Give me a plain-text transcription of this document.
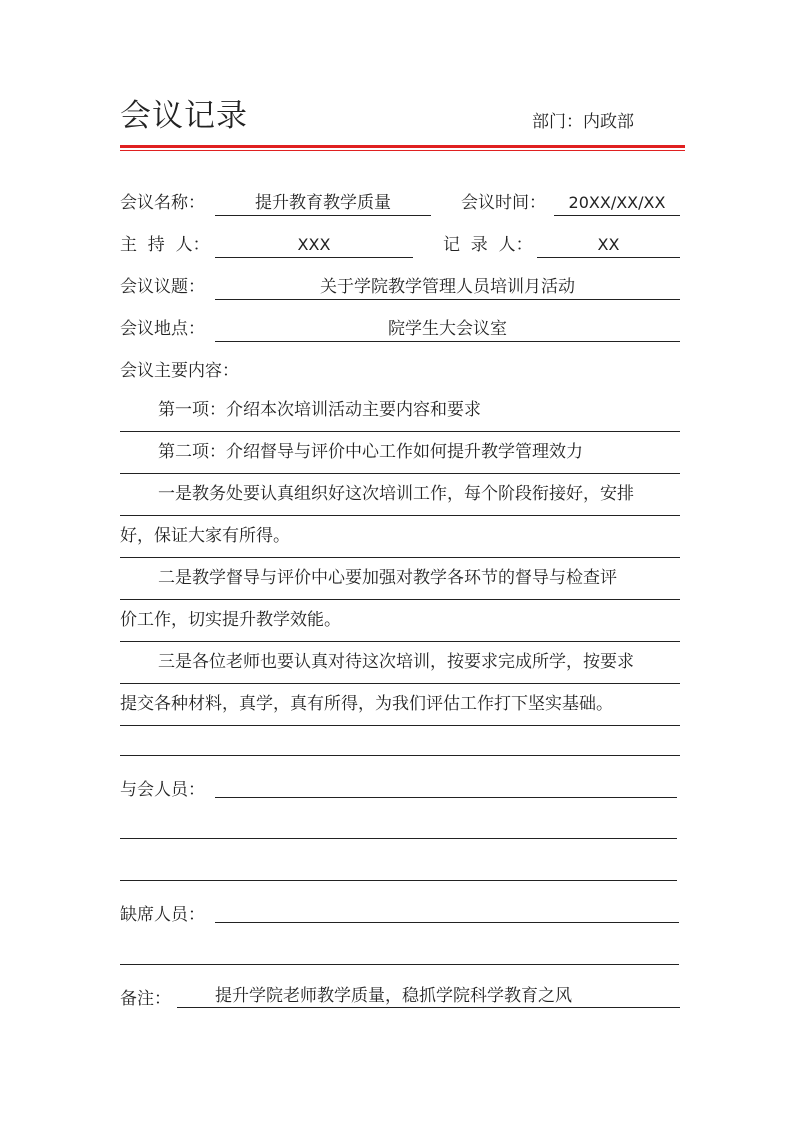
会议记录	部门：内政部
会议名称：	提升教育教学质量	会议时间：	20XX/XX/XX
主  持  人：	XXX	记  录  人：	XX
会议议题：	关于学院教学管理人员培训月活动
会议地点：	院学生大会议室
会议主要内容：
第一项：介绍本次培训活动主要内容和要求
第二项：介绍督导与评价中心工作如何提升教学管理效力
一是教务处要认真组织好这次培训工作，每个阶段衔接好，安排
好，保证大家有所得。
二是教学督导与评价中心要加强对教学各环节的督导与检查评
价工作，切实提升教学效能。
三是各位老师也要认真对待这次培训，按要求完成所学，按要求
提交各种材料，真学，真有所得，为我们评估工作打下坚实基础。
与会人员：
缺席人员：
备注：	提升学院老师教学质量，稳抓学院科学教育之风
